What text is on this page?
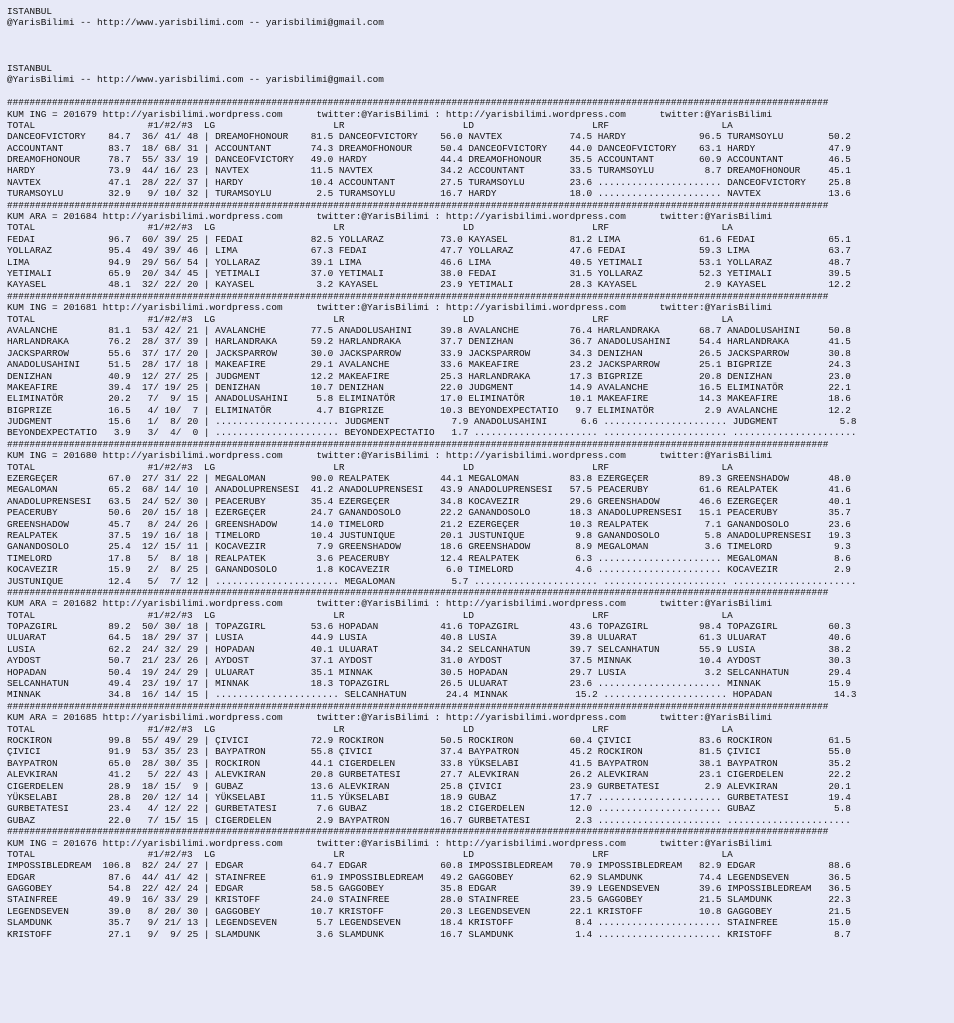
ISTANBUL
@YarisBilimi -- http://www.yarisbilimi.com -- yarisbilimi@gmail.com
ISTANBUL
@YarisBilimi -- http://www.yarisbilimi.com -- yarisbilimi@gmail.com
##################################################################################################################################################
KUM ING = 201679 http://yarisbilimi.wordpress.com      twitter:@YarisBilimi : http://yarisbilimi.wordpress.com      twitter:@YarisBilimi
TOTAL                    #1/#2/#3  LG                     LR                     LD                     LRF                    LA
DANCEOFVICTORY    84.7  36/ 41/ 48 | DREAMOFHONOUR    81.5 DANCEOFVICTORY    56.0 NAVTEX            74.5 HARDY             96.5 TURAMSOYLU        50.2
ACCOUNTANT        83.7  18/ 68/ 31 | ACCOUNTANT       74.3 DREAMOFHONOUR     50.4 DANCEOFVICTORY    44.0 DANCEOFVICTORY    63.1 HARDY             47.9
DREAMOFHONOUR     78.7  55/ 33/ 19 | DANCEOFVICTORY   49.0 HARDY             44.4 DREAMOFHONOUR     35.5 ACCOUNTANT        60.9 ACCOUNTANT        46.5
HARDY             73.9  44/ 16/ 23 | NAVTEX           11.5 NAVTEX            34.2 ACCOUNTANT        33.5 TURAMSOYLU         8.7 DREAMOFHONOUR     45.1
NAVTEX            47.1  28/ 22/ 37 | HARDY            10.4 ACCOUNTANT        27.5 TURAMSOYLU        23.6 ...................... DANCEOFVICTORY    25.8
TURAMSOYLU        32.9   9/ 10/ 32 | TURAMSOYLU        2.5 TURAMSOYLU        16.7 HARDY             18.0 ...................... NAVTEX            13.6
##################################################################################################################################################
KUM ARA = 201684 http://yarisbilimi.wordpress.com      twitter:@YarisBilimi : http://yarisbilimi.wordpress.com      twitter:@YarisBilimi
TOTAL                    #1/#2/#3  LG                     LR                     LD                     LRF                    LA
FEDAI             96.7  60/ 39/ 25 | FEDAI            82.5 YOLLARAZ          73.0 KAYASEL           81.2 LIMA              61.6 FEDAI             65.1
YOLLARAZ          95.4  49/ 39/ 46 | LIMA             67.3 FEDAI             47.7 YOLLARAZ          47.6 FEDAI             59.3 LIMA              63.7
LIMA              94.9  29/ 56/ 54 | YOLLARAZ         39.1 LIMA              46.6 LIMA              40.5 YETIMALI          53.1 YOLLARAZ          48.7
YETIMALI          65.9  20/ 34/ 45 | YETIMALI         37.0 YETIMALI          38.0 FEDAI             31.5 YOLLARAZ          52.3 YETIMALI          39.5
KAYASEL           48.1  32/ 22/ 20 | KAYASEL           3.2 KAYASEL           23.9 YETIMALI          28.3 KAYASEL            2.9 KAYASEL           12.2
##################################################################################################################################################
KUM ING = 201681 http://yarisbilimi.wordpress.com      twitter:@YarisBilimi : http://yarisbilimi.wordpress.com      twitter:@YarisBilimi
TOTAL                    #1/#2/#3  LG                     LR                     LD                     LRF                    LA
AVALANCHE         81.1  53/ 42/ 21 | AVALANCHE        77.5 ANADOLUSAHINI     39.8 AVALANCHE         76.4 HARLANDRAKA       68.7 ANADOLUSAHINI     50.8
HARLANDRAKA       76.2  28/ 37/ 39 | HARLANDRAKA      59.2 HARLANDRAKA       37.7 DENIZHAN          36.7 ANADOLUSAHINI     54.4 HARLANDRAKA       41.5
JACKSPARROW       55.6  37/ 17/ 20 | JACKSPARROW      30.0 JACKSPARROW       33.9 JACKSPARROW       34.3 DENIZHAN          26.5 JACKSPARROW       30.8
ANADOLUSAHINI     51.5  28/ 17/ 18 | MAKEAFIRE        29.1 AVALANCHE         33.6 MAKEAFIRE         23.2 JACKSPARROW       25.1 BIGPRIZE          24.3
DENIZHAN          40.9  12/ 27/ 25 | JUDGMENT         12.2 MAKEAFIRE         25.3 HARLANDRAKA       17.3 BIGPRIZE          20.8 DENIZHAN          23.0
MAKEAFIRE         39.4  17/ 19/ 25 | DENIZHAN         10.7 DENIZHAN          22.0 JUDGMENT          14.9 AVALANCHE         16.5 ELIMINATÖR        22.1
ELIMINATÖR        20.2   7/  9/ 15 | ANADOLUSAHINI     5.8 ELIMINATÖR        17.0 ELIMINATÖR        10.1 MAKEAFIRE         14.3 MAKEAFIRE         18.6
BIGPRIZE          16.5   4/ 10/  7 | ELIMINATÖR        4.7 BIGPRIZE          10.3 BEYONDEXPECTATIO   9.7 ELIMINATÖR         2.9 AVALANCHE         12.2
JUDGMENT          15.6   1/  8/ 20 | ...................... JUDGMENT           7.9 ANADOLUSAHINI      6.6 ...................... JUDGMENT           5.8
BEYONDEXPECTATIO   3.9   3/  4/  0 | ...................... BEYONDEXPECTATIO   1.7 ...................... ...................... ......................
##################################################################################################################################################
KUM ING = 201680 http://yarisbilimi.wordpress.com      twitter:@YarisBilimi : http://yarisbilimi.wordpress.com      twitter:@YarisBilimi
TOTAL                    #1/#2/#3  LG                     LR                     LD                     LRF                    LA
EZERGEÇER         67.0  27/ 31/ 22 | MEGALOMAN        90.0 REALPATEK         44.1 MEGALOMAN         83.8 EZERGEÇER         89.3 GREENSHADOW       48.0
MEGALOMAN         65.2  68/ 14/ 10 | ANADOLUPRENSESI  41.2 ANADOLUPRENSESI   43.9 ANADOLUPRENSESI   57.5 PEACERUBY         61.6 REALPATEK         41.6
ANADOLUPRENSESI   63.5  24/ 52/ 30 | PEACERUBY        35.4 EZERGEÇER         34.8 KOCAVEZIR         29.6 GREENSHADOW       46.6 EZERGEÇER         40.1
PEACERUBY         50.6  20/ 15/ 18 | EZERGEÇER        24.7 GANANDOSOLO       22.2 GANANDOSOLO       18.3 ANADOLUPRENSESI   15.1 PEACERUBY         35.7
GREENSHADOW       45.7   8/ 24/ 26 | GREENSHADOW      14.0 TIMELORD          21.2 EZERGEÇER         10.3 REALPATEK          7.1 GANANDOSOLO       23.6
REALPATEK         37.5  19/ 16/ 18 | TIMELORD         10.4 JUSTUNIQUE        20.1 JUSTUNIQUE         9.8 GANANDOSOLO        5.8 ANADOLUPRENSESI   19.3
GANANDOSOLO       25.4  12/ 15/ 11 | KOCAVEZIR         7.9 GREENSHADOW       18.6 GREENSHADOW        8.9 MEGALOMAN          3.6 TIMELORD           9.3
TIMELORD          17.8   5/  8/ 18 | REALPATEK         3.6 PEACERUBY         12.4 REALPATEK          6.3 ...................... MEGALOMAN          8.6
KOCAVEZIR         15.9   2/  8/ 25 | GANANDOSOLO       1.8 KOCAVEZIR          6.0 TIMELORD           4.6 ...................... KOCAVEZIR          2.9
JUSTUNIQUE        12.4   5/  7/ 12 | ...................... MEGALOMAN          5.7 ...................... ...................... ......................
##################################################################################################################################################
KUM ARA = 201682 http://yarisbilimi.wordpress.com      twitter:@YarisBilimi : http://yarisbilimi.wordpress.com      twitter:@YarisBilimi
TOTAL                    #1/#2/#3  LG                     LR                     LD                     LRF                    LA
TOPAZGIRL         89.2  50/ 30/ 18 | TOPAZGIRL        53.6 HOPADAN           41.6 TOPAZGIRL         43.6 TOPAZGIRL         98.4 TOPAZGIRL         60.3
ULUARAT           64.5  18/ 29/ 37 | LUSIA            44.9 LUSIA             40.8 LUSIA             39.8 ULUARAT           61.3 ULUARAT           40.6
LUSIA             62.2  24/ 32/ 29 | HOPADAN          40.1 ULUARAT           34.2 SELCANHATUN       39.7 SELCANHATUN       55.9 LUSIA             38.2
AYDOST            50.7  21/ 23/ 26 | AYDOST           37.1 AYDOST            31.0 AYDOST            37.5 MINNAK            10.4 AYDOST            30.3
HOPADAN           50.4  19/ 24/ 29 | ULUARAT          35.1 MINNAK            30.5 HOPADAN           29.7 LUSIA              3.2 SELCANHATUN       29.4
SELCANHATUN       49.4  23/ 19/ 17 | MINNAK           18.3 TOPAZGIRL         26.5 ULUARAT           23.6 ...................... MINNAK            15.9
MINNAK            34.8  16/ 14/ 15 | ...................... SELCANHATUN       24.4 MINNAK            15.2 ...................... HOPADAN           14.3
##################################################################################################################################################
KUM ARA = 201685 http://yarisbilimi.wordpress.com      twitter:@YarisBilimi : http://yarisbilimi.wordpress.com      twitter:@YarisBilimi
TOTAL                    #1/#2/#3  LG                     LR                     LD                     LRF                    LA
ROCKIRON          99.8  55/ 49/ 29 | ÇIVICI           72.9 ROCKIRON          50.5 ROCKIRON          60.4 ÇIVICI            83.6 ROCKIRON          61.5
ÇIVICI            91.9  53/ 35/ 23 | BAYPATRON        55.8 ÇIVICI            37.4 BAYPATRON         45.2 ROCKIRON          81.5 ÇIVICI            55.0
BAYPATRON         65.0  28/ 30/ 35 | ROCKIRON         44.1 CIGERDELEN        33.8 YÜKSELABI         41.5 BAYPATRON         38.1 BAYPATRON         35.2
ALEVKIRAN         41.2   5/ 22/ 43 | ALEVKIRAN        20.8 GURBETATESI       27.7 ALEVKIRAN         26.2 ALEVKIRAN         23.1 CIGERDELEN        22.2
CIGERDELEN        28.9  18/ 15/  9 | GUBAZ            13.6 ALEVKIRAN         25.8 ÇIVICI            23.9 GURBETATESI        2.9 ALEVKIRAN         20.1
YÜKSELABI         28.8  20/ 12/ 14 | YÜKSELABI        11.5 YÜKSELABI         18.9 GUBAZ             17.7 ...................... GURBETATESI       19.4
GURBETATESI       23.4   4/ 12/ 22 | GURBETATESI       7.6 GUBAZ             18.2 CIGERDELEN        12.0 ...................... GUBAZ              5.8
GUBAZ             22.0   7/ 15/ 15 | CIGERDELEN        2.9 BAYPATRON         16.7 GURBETATESI        2.3 ...................... ......................
##################################################################################################################################################
KUM ING = 201676 http://yarisbilimi.wordpress.com      twitter:@YarisBilimi : http://yarisbilimi.wordpress.com      twitter:@YarisBilimi
TOTAL                    #1/#2/#3  LG                     LR                     LD                     LRF                    LA
IMPOSSIBLEDREAM  106.8  82/ 24/ 27 | EDGAR            64.7 EDGAR             60.8 IMPOSSIBLEDREAM   70.9 IMPOSSIBLEDREAM   82.9 EDGAR             88.6
EDGAR             87.6  44/ 41/ 42 | STAINFREE        61.9 IMPOSSIBLEDREAM   49.2 GAGGOBEY          62.9 SLAMDUNK          74.4 LEGENDSEVEN       36.5
GAGGOBEY          54.8  22/ 42/ 24 | EDGAR            58.5 GAGGOBEY          35.8 EDGAR             39.9 LEGENDSEVEN       39.6 IMPOSSIBLEDREAM   36.5
STAINFREE         49.9  16/ 33/ 29 | KRISTOFF         24.0 STAINFREE         28.0 STAINFREE         23.5 GAGGOBEY          21.5 SLAMDUNK          22.3
LEGENDSEVEN       39.0   8/ 20/ 30 | GAGGOBEY         10.7 KRISTOFF          20.3 LEGENDSEVEN       22.1 KRISTOFF          10.8 GAGGOBEY          21.5
SLAMDUNK          35.7   9/ 21/ 13 | LEGENDSEVEN       5.7 LEGENDSEVEN       18.4 KRISTOFF           8.4 ...................... STAINFREE         15.0
KRISTOFF          27.1   9/  9/ 25 | SLAMDUNK          3.6 SLAMDUNK          16.7 SLAMDUNK           1.4 ...................... KRISTOFF           8.7
